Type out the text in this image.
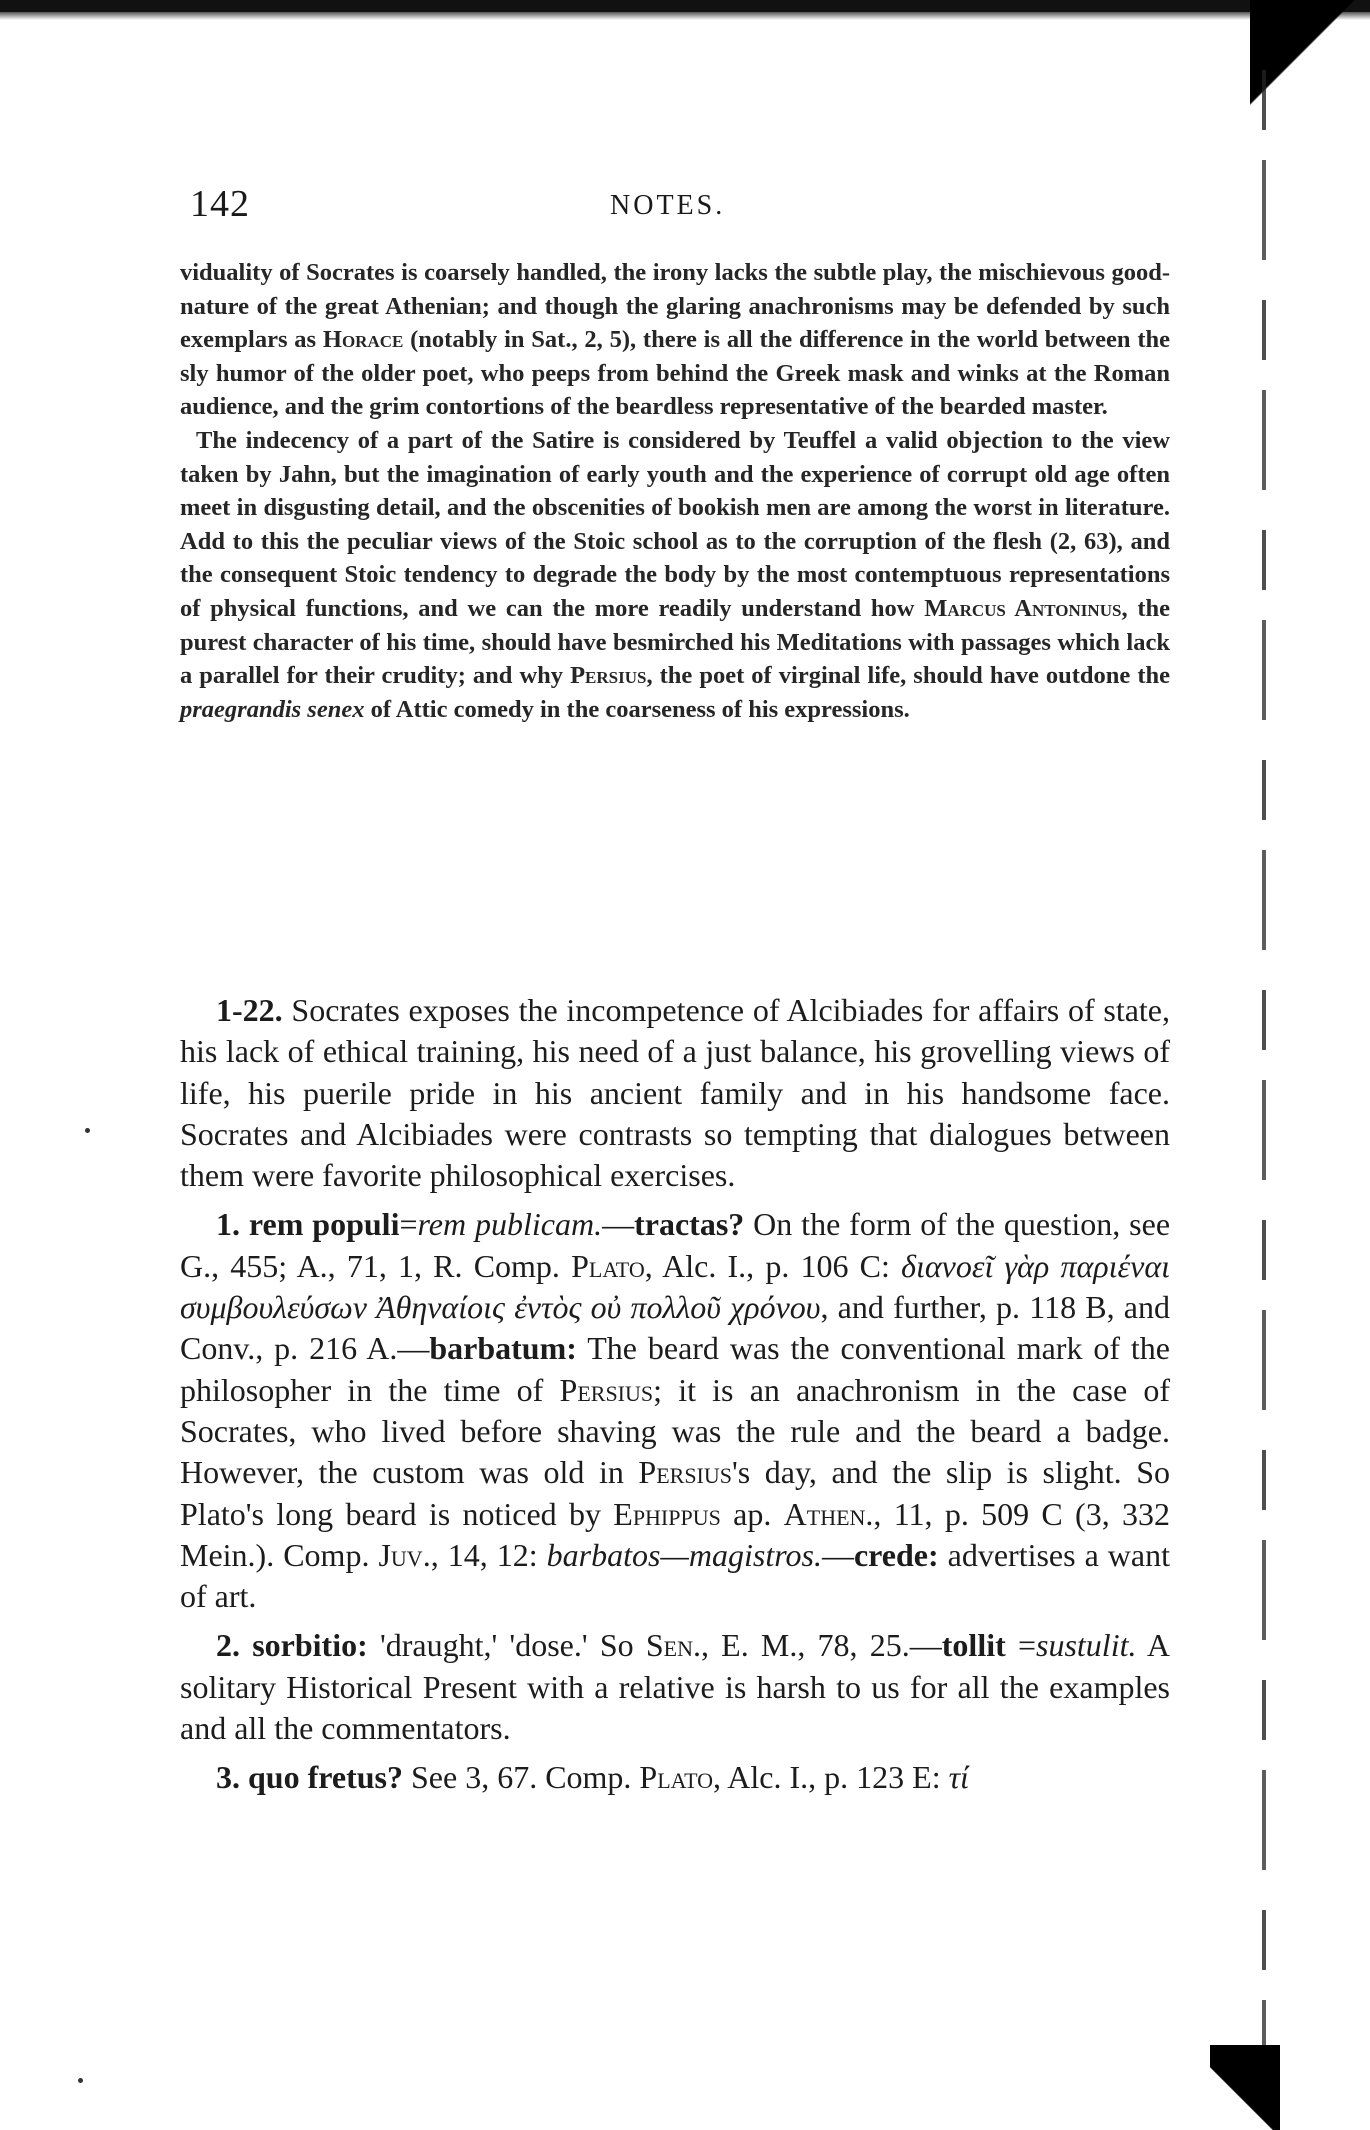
142	NOTES.

viduality of Socrates is coarsely handled, the irony lacks the subtle play, the mischievous good-nature of the great Athenian; and though the glaring anachronisms may be defended by such exemplars as Horace (notably in Sat., 2, 5), there is all the difference in the world between the sly humor of the older poet, who peeps from behind the Greek mask and winks at the Roman audience, and the grim contortions of the beardless representative of the bearded master.

The indecency of a part of the Satire is considered by Teuffel a valid objection to the view taken by Jahn, but the imagination of early youth and the experience of corrupt old age often meet in disgusting detail, and the obscenities of bookish men are among the worst in literature. Add to this the peculiar views of the Stoic school as to the corruption of the flesh (2, 63), and the consequent Stoic tendency to degrade the body by the most contemptuous representations of physical functions, and we can the more readily understand how Marcus Antoninus, the purest character of his time, should have besmirched his Meditations with passages which lack a parallel for their crudity; and why Persius, the poet of virginal life, should have outdone the praegrandis senex of Attic comedy in the coarseness of his expressions.

1-22. Socrates exposes the incompetence of Alcibiades for affairs of state, his lack of ethical training, his need of a just balance, his grovelling views of life, his puerile pride in his ancient family and in his handsome face. Socrates and Alcibiades were contrasts so tempting that dialogues between them were favorite philosophical exercises.

1. rem populi=rem publicam.—tractas? On the form of the question, see G., 455; A., 71, 1, R. Comp. Plato, Alc. I., p. 106 C: διανοεῖ γὰρ παριέναι συμβουλεύσων Ἀθηναίοις ἐντὸς οὐ πολλοῦ χρόνου, and further, p. 118 B, and Conv., p. 216 A.—barbatum: The beard was the conventional mark of the philosopher in the time of Persius; it is an anachronism in the case of Socrates, who lived before shaving was the rule and the beard a badge. However, the custom was old in Persius's day, and the slip is slight. So Plato's long beard is noticed by Ephippus ap. Athen., 11, p. 509 C (3, 332 Mein.). Comp. Juv., 14, 12: barbatos—magistros.—crede: advertises a want of art.

2. sorbitio: 'draught,' 'dose.' So Sen., E. M., 78, 25.—tollit =sustulit. A solitary Historical Present with a relative is harsh to us for all the examples and all the commentators.

3. quo fretus? See 3, 67. Comp. Plato, Alc. I., p. 123 E: τί
